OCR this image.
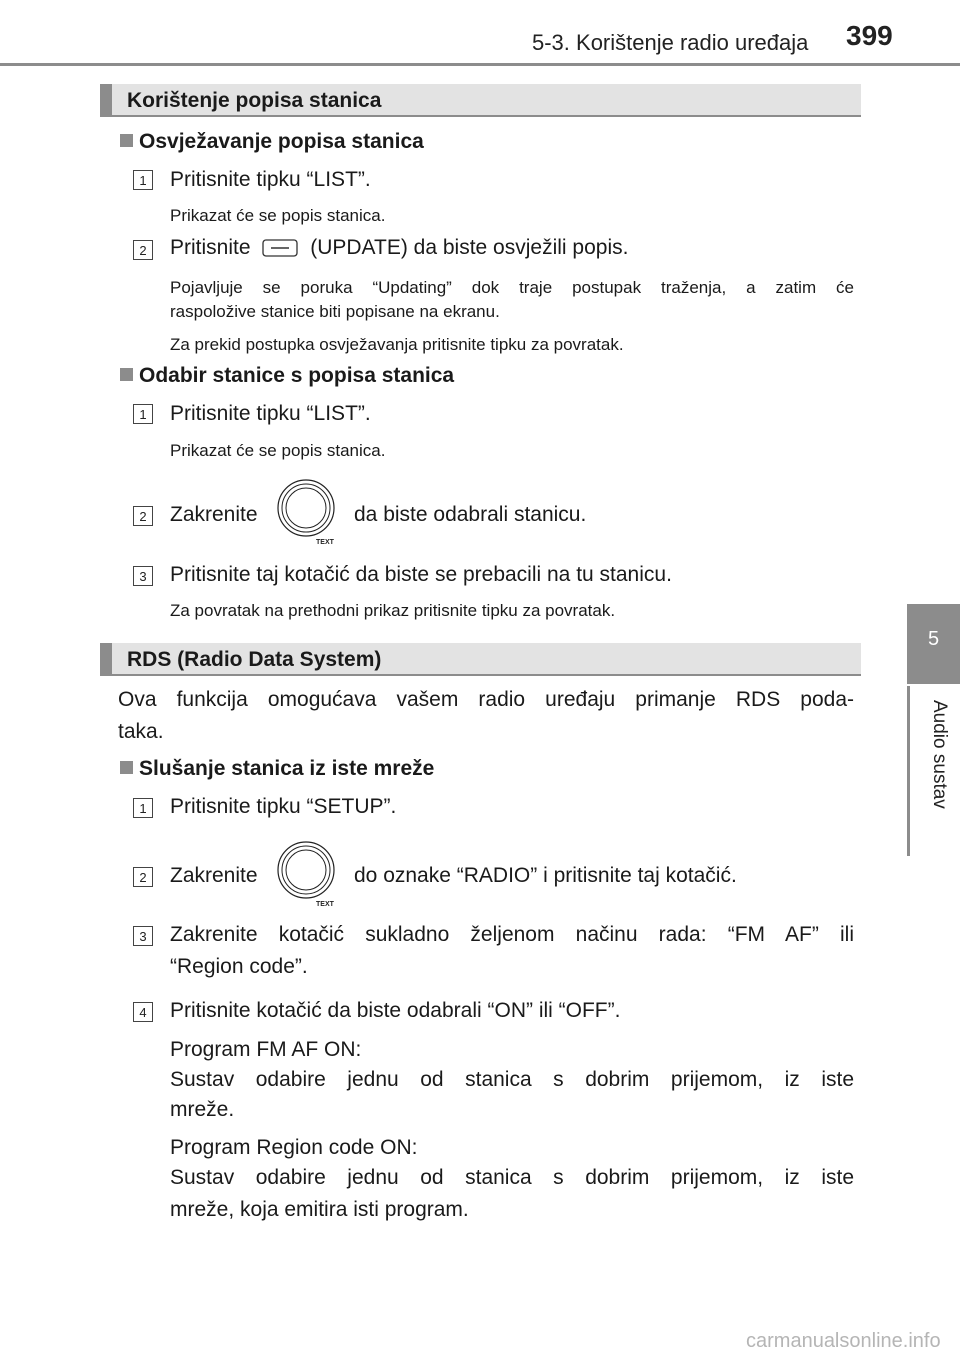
5-3. Korištenje radio uređaja 399
5
Audio sustav
Korištenje popisa stanica
Osvježavanje popisa stanica
1	Pritisnite tipku “LIST”.
Prikazat će se popis stanica.
2	Pritisnite	(UPDATE) da biste osvježili popis.
Pojavljuje se poruka “Updating” dok traje postupak traženja, a zatim će
raspoložive stanice biti popisane na ekranu.
Za prekid postupka osvježavanja pritisnite tipku za povratak.
Odabir stanice s popisa stanica
1	Pritisnite tipku “LIST”.
Prikazat će se popis stanica.
2	Zakrenite
TEXT
da biste odabrali stanicu.
3	Pritisnite taj kotačić da biste se prebacili na tu stanicu.
Za povratak na prethodni prikaz pritisnite tipku za povratak.
RDS (Radio Data System)
Ova funkcija omogućava vašem radio uređaju primanje RDS poda-
taka.
Slušanje stanica iz iste mreže
1	Pritisnite tipku “SETUP”.
2	Zakrenite
TEXT
do oznake “RADIO” i pritisnite taj kotačić.
3	Zakrenite kotačić sukladno željenom načinu rada: “FM AF” ili
“Region code”.
4	Pritisnite kotačić da biste odabrali “ON” ili “OFF”.
Program FM AF ON:
Sustav odabire jednu od stanica s dobrim prijemom, iz iste
mreže.
Program Region code ON:
Sustav odabire jednu od stanica s dobrim prijemom, iz iste
mreže, koja emitira isti program.
carmanualsonline.info
